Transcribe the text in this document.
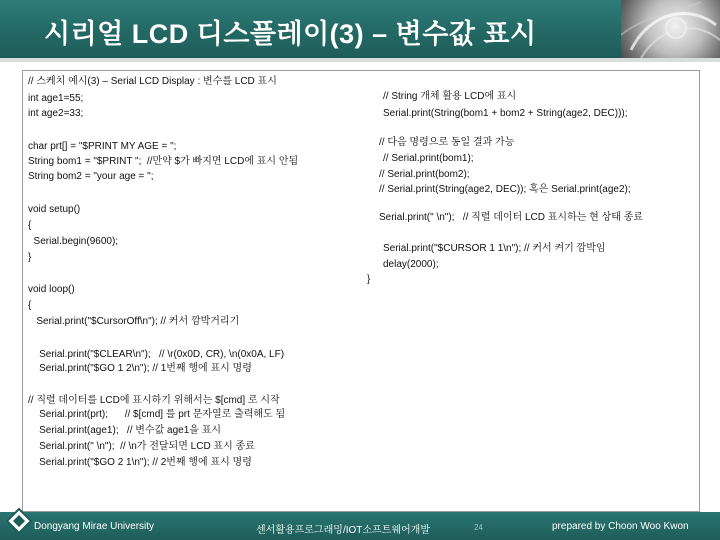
시리얼 LCD 디스플레이(3) – 변수값 표시
// 스케치 예시(3) – Serial LCD Display : 변수를 LCD 표시
int age1=55;
int age2=33;
char prt[] = "$PRINT MY AGE = ";
String bom1 = "$PRINT ";  //만약 $가 빠지면 LCD에 표시 안됨
String bom2 = "your age = ";
void setup()
{
Serial.begin(9600);
}
void loop()
{
Serial.print("$CursorOff\n"); // 커서 깜박거리기
Serial.print("$CLEAR\n");   // \r(0x0D, CR), \n(0x0A, LF)
Serial.print("$GO 1 2\n"); // 1번째 행에 표시 명령
// 직렬 데이터를 LCD에 표시하기 위해서는 $[cmd] 로 시작
Serial.print(prt);      // $[cmd] 를 prt 문자열로 출력해도 됨
Serial.print(age1);   // 변수값 age1을 표시
Serial.print(" \n");  // \n가 전달되면 LCD 표시 종료
Serial.print("$GO 2 1\n"); // 2번째 행에 표시 명령
// String 개체 활용 LCD에 표시
Serial.print(String(bom1 + bom2 + String(age2, DEC)));
// 다음 명령으로 동일 결과 가능
// Serial.print(bom1);
// Serial.print(bom2);
// Serial.print(String(age2, DEC)); 혹은 Serial.print(age2);
Serial.print(" \n");   // 직렬 데이터 LCD 표시하는 현 상태 종료
Serial.print("$CURSOR 1 1\n"); // 커서 켜기 깜박임
delay(2000);
}
Dongyang Mirae University	센서활용프로그래밍/IOT소프트웨어개발	24	prepared by Choon Woo Kwon
